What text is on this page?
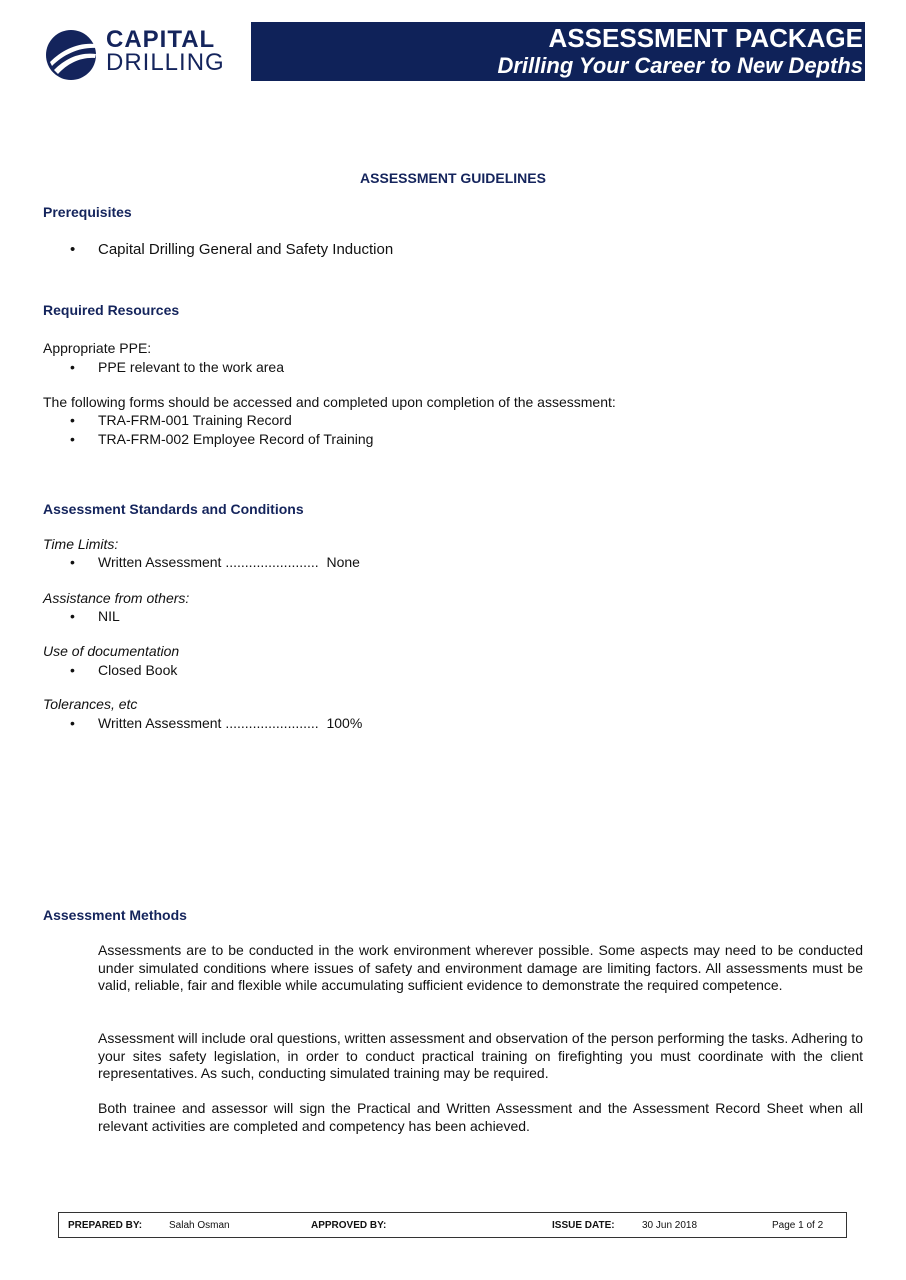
CAPITAL
DRILLING
ASSESSMENT PACKAGE
Drilling Your Career to New Depths
ASSESSMENT GUIDELINES
Prerequisites
• Capital Drilling General and Safety Induction
Required Resources
Appropriate PPE:
• PPE relevant to the work area
The following forms should be accessed and completed upon completion of the assessment:
• TRA-FRM-001 Training Record
• TRA-FRM-002 Employee Record of Training
Assessment Standards and Conditions
Time Limits:
• Written Assessment ........................  None
Assistance from others:
• NIL
Use of documentation
• Closed Book
Tolerances, etc
• Written Assessment ........................  100%
Assessment Methods
Assessments are to be conducted in the work environment wherever possible. Some aspects may need to be conducted under simulated conditions where issues of safety and environment damage are limiting factors. All assessments must be valid, reliable, fair and flexible while accumulating sufficient evidence to demonstrate the required competence.
Assessment will include oral questions, written assessment and observation of the person performing the tasks. Adhering to your sites safety legislation, in order to conduct practical training on firefighting you must coordinate with the client representatives. As such, conducting simulated training may be required.
Both trainee and assessor will sign the Practical and Written Assessment and the Assessment Record Sheet when all relevant activities are completed and competency has been achieved.
PREPARED BY:	Salah Osman	APPROVED BY:	ISSUE DATE:	30 Jun 2018	Page 1 of 2
